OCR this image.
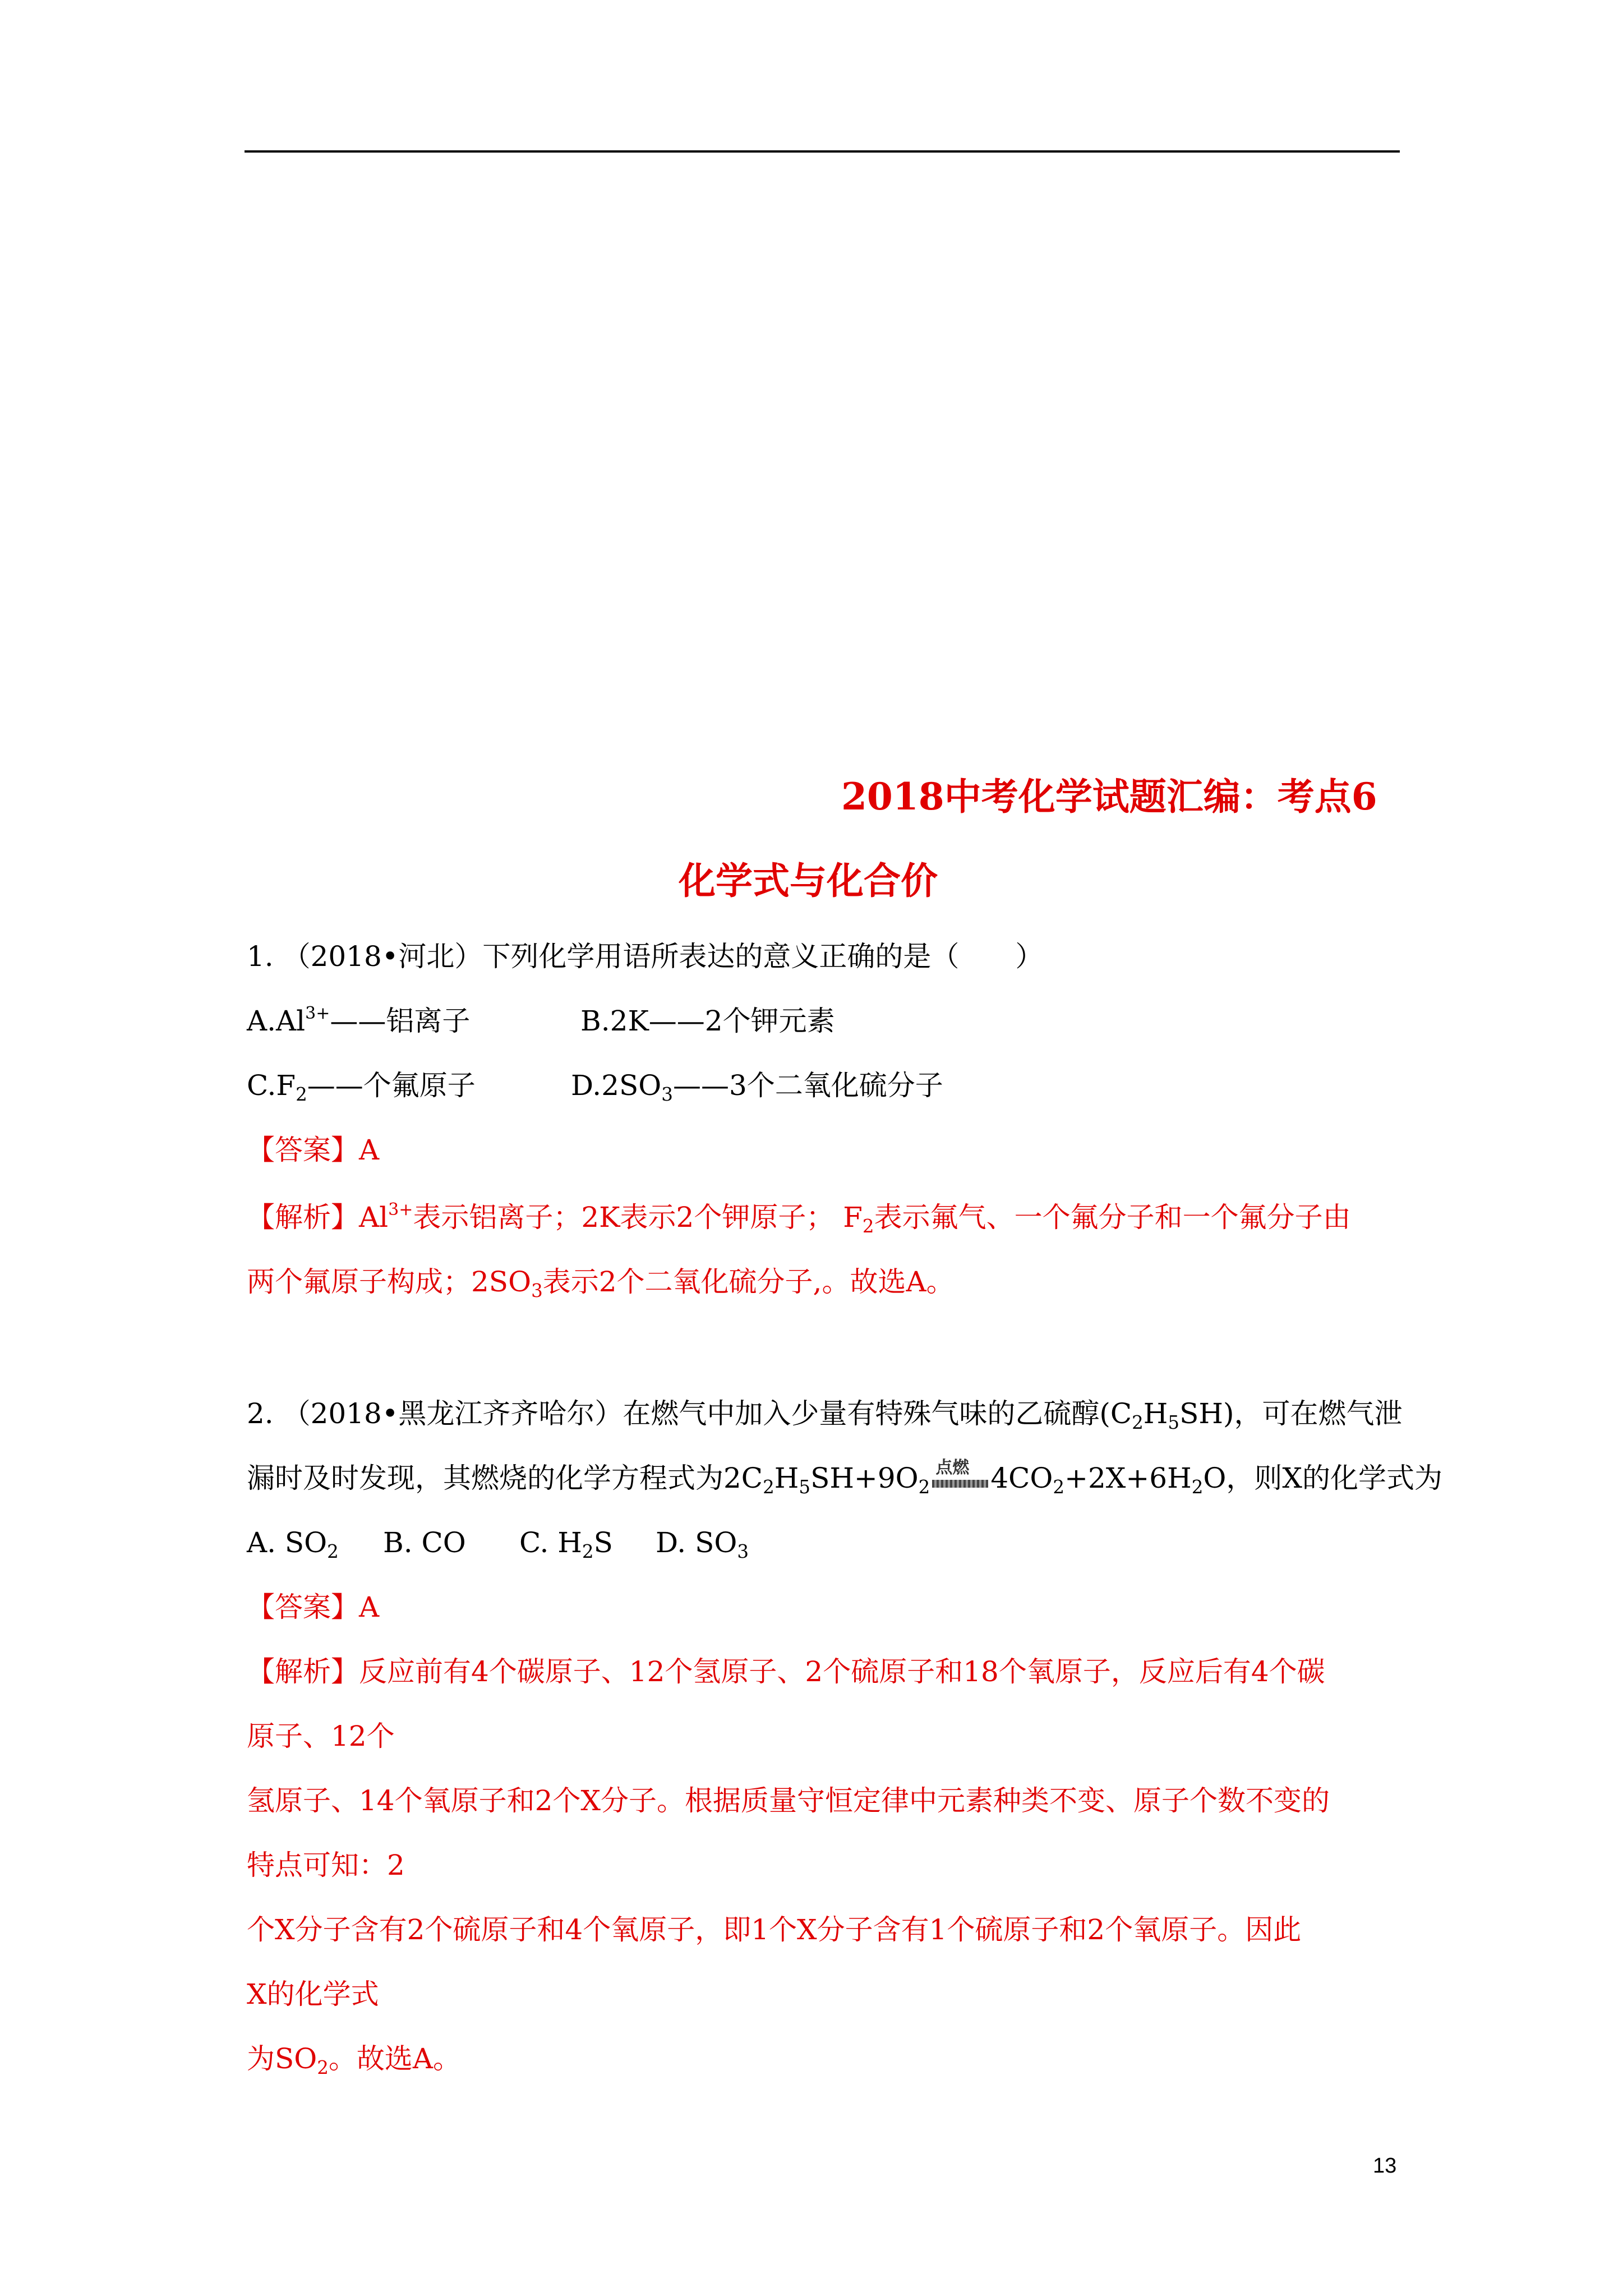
2018中考化学试题汇编：考点6
化学式与化合价
1. （2018•河北）下列化学用语所表达的意义正确的是（　　）
$A.Al^{3+}——$铝离子	B.2K——2个钾元素
$C.F_2——$个氟原子	$D.2SO_3——3$个二氧化硫分子
【答案】A
【解析】$Al^{3+}$表示铝离子；2K表示2个钾原子； $F_2$表示氟气、一个氟分子和一个氟分子由
两个氟原子构成；$2SO_3$表示2个二氧化硫分子,。故选A。
2. （2018•黑龙江齐齐哈尔）在燃气中加入少量有特殊气味的乙硫醇$(C_2H_5SH)$，可在燃气泄
漏时及时发现，其燃烧的化学方程式为$2C_2H_5SH+9O_2$
点燃 $4CO_2+2X+6H_2O$，则X的化学式为
A. $SO_2$ B. CO C. $H_2S$ D. $SO_3$
【答案】A
【解析】反应前有4个碳原子、12个氢原子、2个硫原子和18个氧原子，反应后有4个碳
原子、12个
氢原子、14个氧原子和2个X分子。根据质量守恒定律中元素种类不变、原子个数不变的
特点可知：2
个X分子含有2个硫原子和4个氧原子，即1个X分子含有1个硫原子和2个氧原子。因此
X的化学式
为$SO_2$。故选A。
13
